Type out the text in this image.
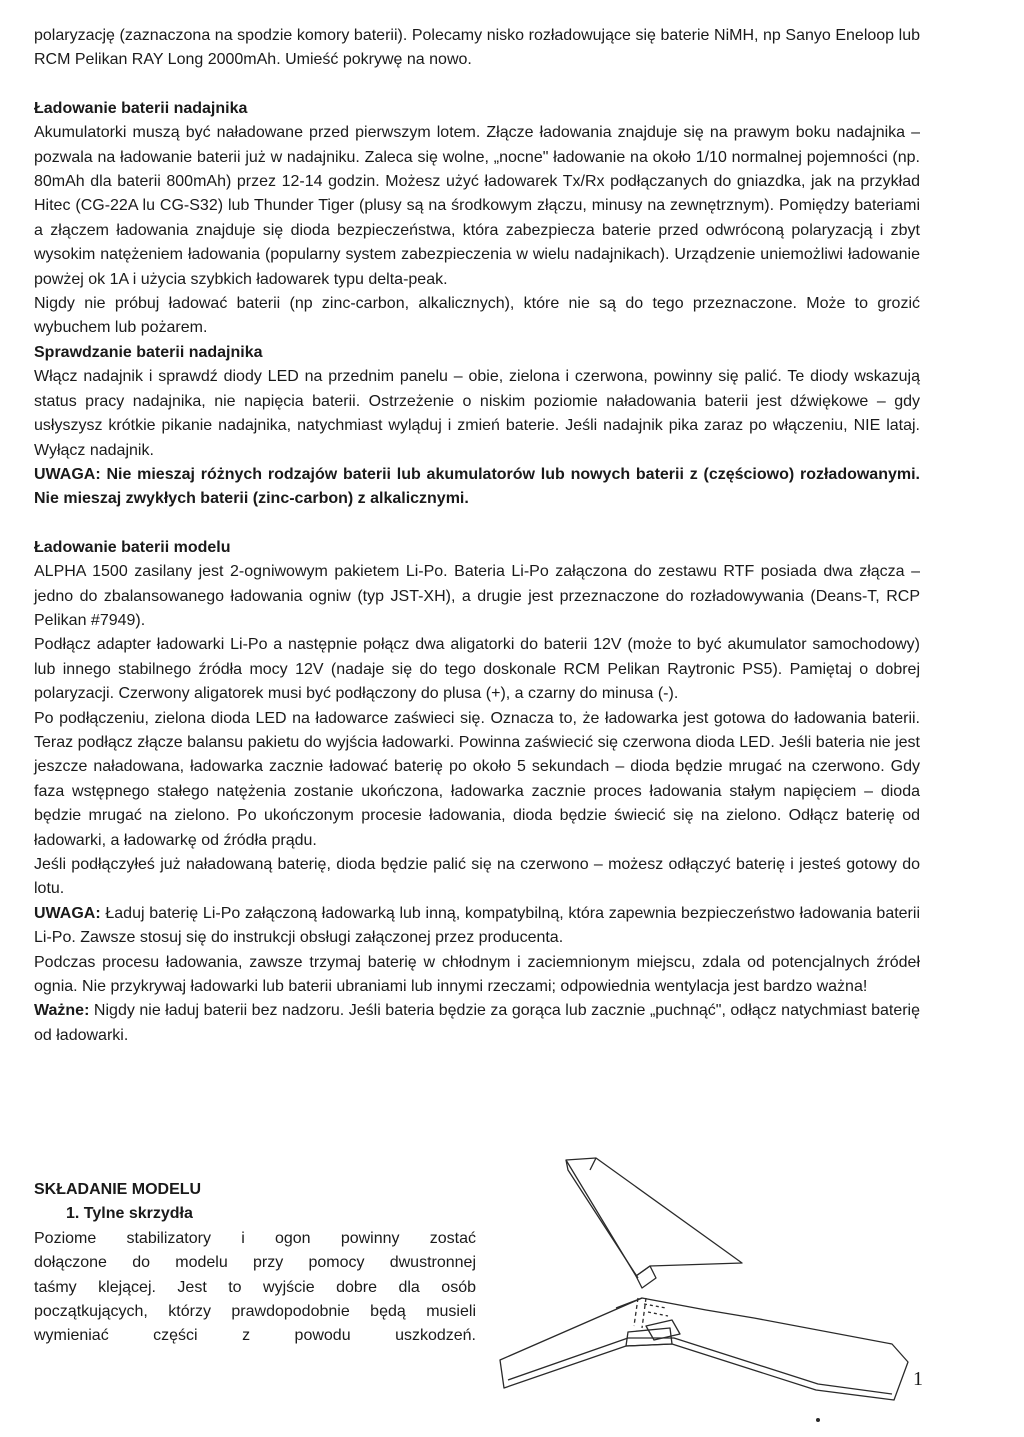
polaryzację (zaznaczona na spodzie komory baterii). Polecamy nisko rozładowujące się baterie NiMH, np Sanyo Eneloop lub RCM Pelikan RAY Long 2000mAh. Umieść pokrywę na nowo.

Ładowanie baterii nadajnika

Akumulatorki muszą być naładowane przed pierwszym lotem. Złącze ładowania znajduje się na prawym boku nadajnika – pozwala na ładowanie baterii już w nadajniku. Zaleca się wolne, „nocne" ładowanie na około 1/10 normalnej pojemności (np. 80mAh dla baterii 800mAh) przez 12-14 godzin. Możesz użyć ładowarek Tx/Rx podłączanych do gniazdka, jak na przykład Hitec (CG-22A lu CG-S32) lub Thunder Tiger (plusy są na środkowym złączu, minusy na zewnętrznym). Pomiędzy bateriami a złączem ładowania znajduje się dioda bezpieczeństwa, która zabezpiecza baterie przed odwróconą polaryzacją i zbyt wysokim natężeniem ładowania (popularny system zabezpieczenia w wielu nadajnikach). Urządzenie uniemożliwi ładowanie powżej ok 1A i użycia szybkich ładowarek typu delta-peak.

Nigdy nie próbuj ładować baterii (np zinc-carbon, alkalicznych), które nie są do tego przeznaczone. Może to grozić wybuchem lub pożarem.

Sprawdzanie baterii nadajnika

Włącz nadajnik i sprawdź diody LED na przednim panelu – obie, zielona i czerwona, powinny się palić. Te diody wskazują status pracy nadajnika, nie napięcia baterii. Ostrzeżenie o niskim poziomie naładowania baterii jest dźwiękowe – gdy usłyszysz krótkie pikanie nadajnika, natychmiast wyląduj i zmień baterie. Jeśli nadajnik pika zaraz po włączeniu, NIE lataj. Wyłącz nadajnik.

UWAGA: Nie mieszaj różnych rodzajów baterii lub akumulatorów lub nowych baterii z (częściowo) rozładowanymi. Nie mieszaj zwykłych baterii (zinc-carbon) z alkalicznymi.

Ładowanie baterii modelu

ALPHA 1500 zasilany jest 2-ogniwowym pakietem Li-Po. Bateria Li-Po załączona do zestawu RTF posiada dwa złącza – jedno do zbalansowanego ładowania ogniw (typ JST-XH), a drugie jest przeznaczone do rozładowywania (Deans-T, RCP Pelikan #7949).

Podłącz adapter ładowarki Li-Po a następnie połącz dwa aligatorki do baterii 12V (może to być akumulator samochodowy) lub innego stabilnego źródła mocy 12V (nadaje się do tego doskonale RCM Pelikan Raytronic PS5). Pamiętaj o dobrej polaryzacji. Czerwony aligatorek musi być podłączony do plusa (+), a czarny do minusa (-).

Po podłączeniu, zielona dioda LED na ładowarce zaświeci się. Oznacza to, że ładowarka jest gotowa do ładowania baterii. Teraz podłącz złącze balansu pakietu do wyjścia ładowarki. Powinna zaświecić się czerwona dioda LED. Jeśli bateria nie jest jeszcze naładowana, ładowarka zacznie ładować baterię po około 5 sekundach – dioda będzie mrugać na czerwono. Gdy faza wstępnego stałego natężenia zostanie ukończona, ładowarka zacznie proces ładowania stałym napięciem – dioda będzie mrugać na zielono. Po ukończonym procesie ładowania, dioda będzie świecić się na zielono. Odłącz baterię od ładowarki, a ładowarkę od źródła prądu.

Jeśli podłączyłeś już naładowaną baterię, dioda będzie palić się na czerwono – możesz odłączyć baterię i jesteś gotowy do lotu.

UWAGA: Ładuj baterię Li-Po załączoną ładowarką lub inną, kompatybilną, która zapewnia bezpieczeństwo ładowania baterii Li-Po. Zawsze stosuj się do instrukcji obsługi załączonej przez producenta.

Podczas procesu ładowania, zawsze trzymaj baterię w chłodnym i zaciemnionym miejscu, zdala od potencjalnych źródeł ognia. Nie przykrywaj ładowarki lub baterii ubraniami lub innymi rzeczami; odpowiednia wentylacja jest bardzo ważna!

Ważne: Nigdy nie ładuj baterii bez nadzoru. Jeśli bateria będzie za gorąca lub zacznie „puchnąć", odłącz natychmiast baterię od ładowarki.

SKŁADANIE MODELU

1. Tylne skrzydła

Poziome stabilizatory i ogon powinny zostać

dołączone do modelu przy pomocy dwustronnej

taśmy klejącej. Jest to wyjście dobre dla osób

początkujących, którzy prawdopodobnie będą musieli

wymieniać części z powodu uszkodzeń.

1
